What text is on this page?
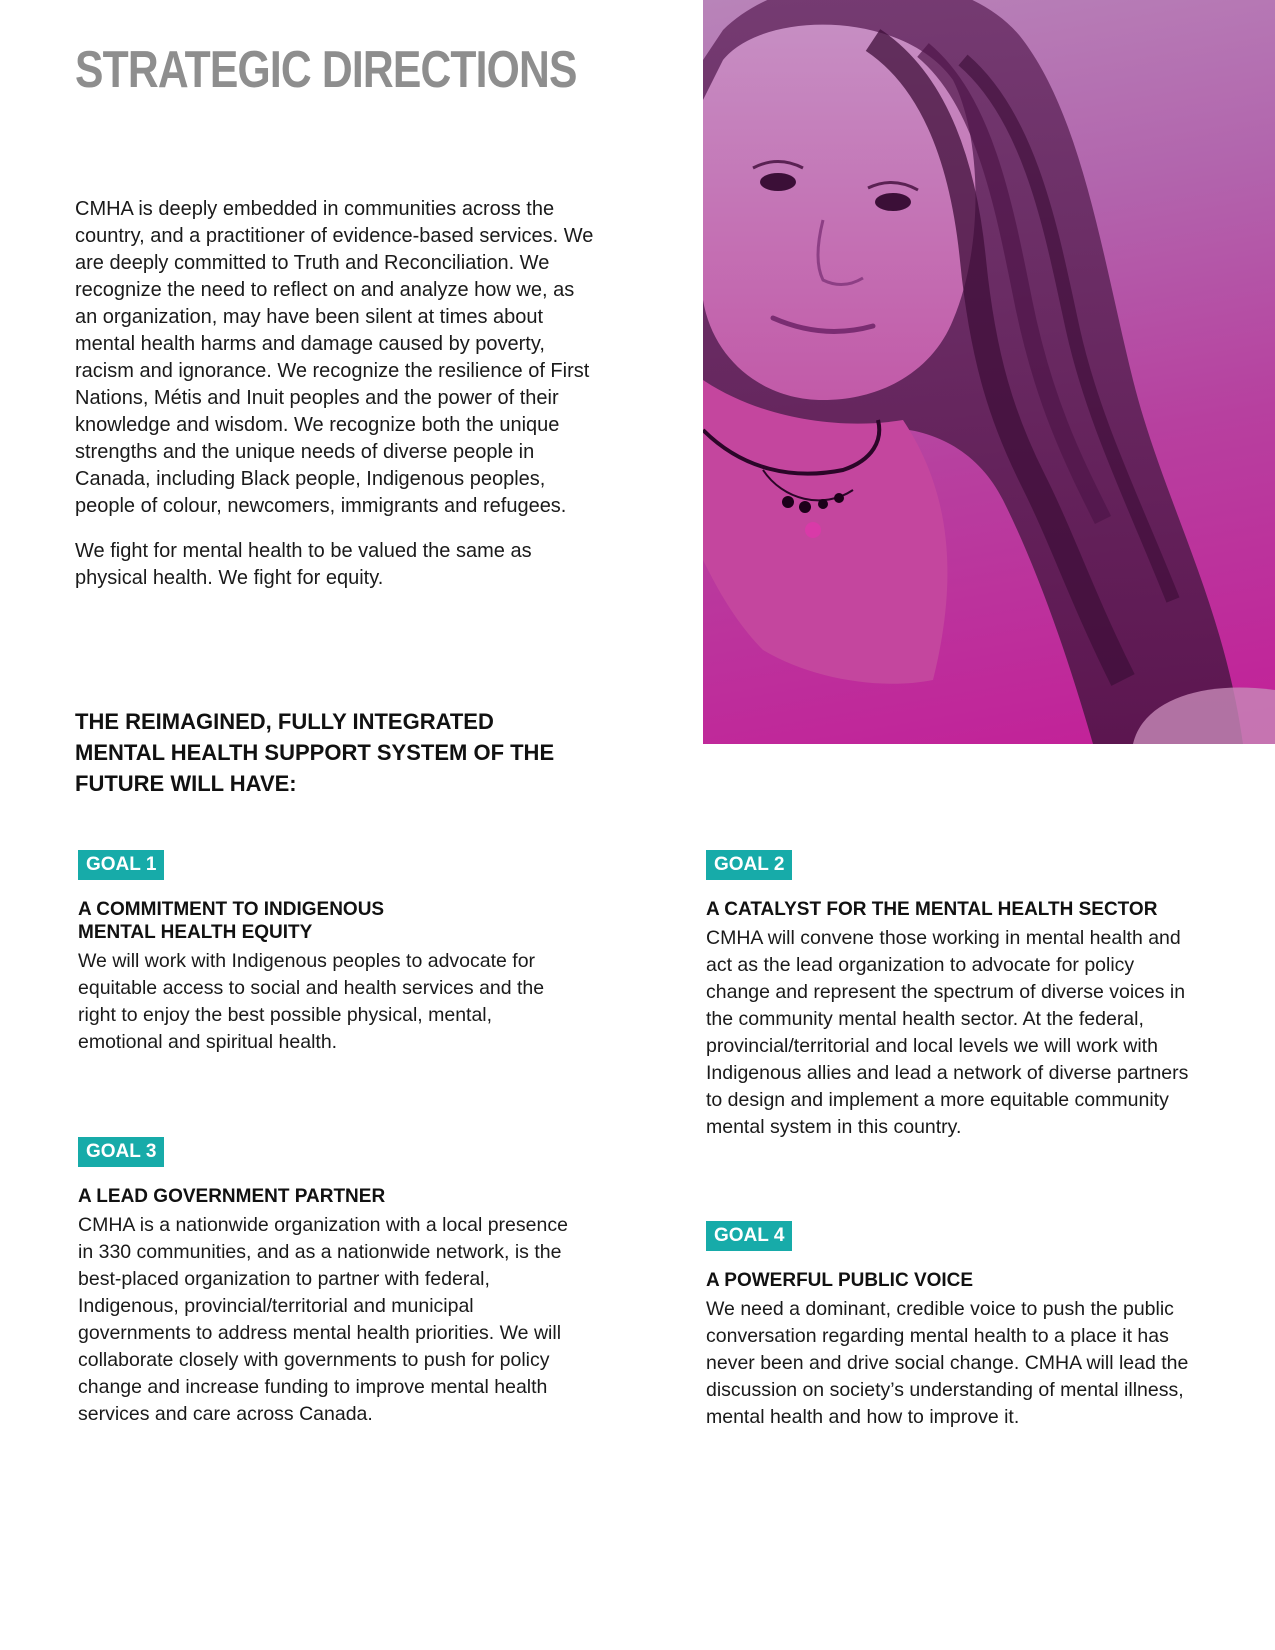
STRATEGIC DIRECTIONS

CMHA is deeply embedded in communities across the country, and a practitioner of evidence-based services. We are deeply committed to Truth and Reconciliation. We recognize the need to reflect on and analyze how we, as an organization, may have been silent at times about mental health harms and damage caused by poverty, racism and ignorance. We recognize the resilience of First Nations, Métis and Inuit peoples and the power of their knowledge and wisdom. We recognize both the unique strengths and the unique needs of diverse people in Canada, including Black people, Indigenous peoples, people of colour, newcomers, immigrants and refugees.

We fight for mental health to be valued the same as physical health. We fight for equity.

THE REIMAGINED, FULLY INTEGRATED MENTAL HEALTH SUPPORT SYSTEM OF THE FUTURE WILL HAVE:
GOAL 1
A COMMITMENT TO INDIGENOUS
MENTAL HEALTH EQUITY
We will work with Indigenous peoples to advocate for equitable access to social and health services and the right to enjoy the best possible physical, mental, emotional and spiritual health.
GOAL 2
A CATALYST FOR THE MENTAL HEALTH SECTOR
CMHA will convene those working in mental health and act as the lead organization to advocate for policy change and represent the spectrum of diverse voices in the community mental health sector. At the federal, provincial/territorial and local levels we will work with Indigenous allies and lead a network of diverse partners to design and implement a more equitable community mental system in this country.
GOAL 3
A LEAD GOVERNMENT PARTNER
CMHA is a nationwide organization with a local presence in 330 communities, and as a nationwide network, is the best-placed organization to partner with federal, Indigenous, provincial/territorial and municipal governments to address mental health priorities. We will collaborate closely with governments to push for policy change and increase funding to improve mental health services and care across Canada.
GOAL 4
A POWERFUL PUBLIC VOICE
We need a dominant, credible voice to push the public conversation regarding mental health to a place it has never been and drive social change. CMHA will lead the discussion on society’s understanding of mental illness, mental health and how to improve it.
